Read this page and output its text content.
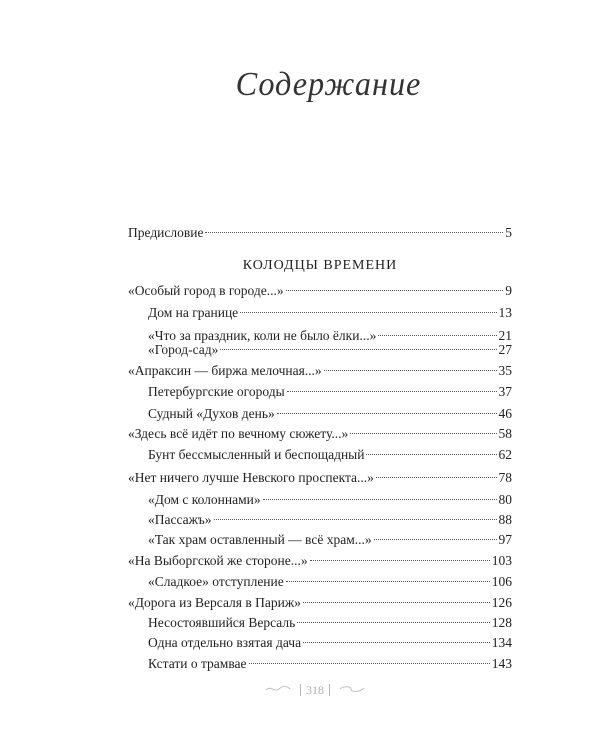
Содержание
Предисловие	5
КОЛОДЦЫ ВРЕМЕНИ
«Особый город в городе...»	9
Дом на границе	13
«Что за праздник, коли не было ёлки...»	21
«Город-сад»	27
«Апраксин — биржа мелочная...»	35
Петербургские огороды	37
Судный «Духов день»	46
«Здесь всё идёт по вечному сюжету...»	58
Бунт бессмысленный и беспощадный	62
«Нет ничего лучше Невского проспекта...»	78
«Дом с колоннами»	80
«Пассажъ»	88
«Так храм оставленный — всё храм...»	97
«На Выборгской же стороне...»	103
«Сладкое» отступление	106
«Дорога из Версаля в Париж»	126
Несостоявшийся Версаль	128
Одна отдельно взятая дача	134
Кстати о трамвае	143
318
